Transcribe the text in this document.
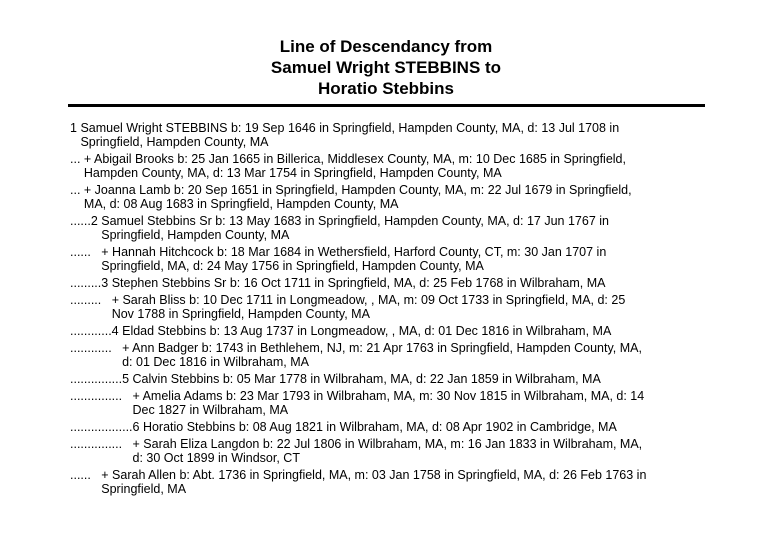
Line of Descendancy from
Samuel Wright STEBBINS to
Horatio Stebbins
1 Samuel Wright STEBBINS b: 19 Sep 1646 in Springfield, Hampden County, MA, d: 13 Jul 1708 in
Springfield, Hampden County, MA
... + Abigail Brooks b: 25 Jan 1665 in Billerica, Middlesex County, MA, m: 10 Dec 1685 in Springfield,
Hampden County, MA, d: 13 Mar 1754 in Springfield, Hampden County, MA
... + Joanna Lamb b: 20 Sep 1651 in Springfield, Hampden County, MA, m: 22 Jul 1679 in Springfield,
MA, d: 08 Aug 1683 in Springfield, Hampden County, MA
......2 Samuel Stebbins Sr b: 13 May 1683 in Springfield, Hampden County, MA, d: 17 Jun 1767 in
Springfield, Hampden County, MA
......   + Hannah Hitchcock b: 18 Mar 1684 in Wethersfield, Harford County, CT, m: 30 Jan 1707 in
Springfield, MA, d: 24 May 1756 in Springfield, Hampden County, MA
.........3 Stephen Stebbins Sr b: 16 Oct 1711 in Springfield, MA, d: 25 Feb 1768 in Wilbraham, MA
.........   + Sarah Bliss b: 10 Dec 1711 in Longmeadow, , MA, m: 09 Oct 1733 in Springfield, MA, d: 25
Nov 1788 in Springfield, Hampden County, MA
............4 Eldad Stebbins b: 13 Aug 1737 in Longmeadow, , MA, d: 01 Dec 1816 in Wilbraham, MA
............   + Ann Badger b: 1743 in Bethlehem, NJ, m: 21 Apr 1763 in Springfield, Hampden County, MA,
d: 01 Dec 1816 in Wilbraham, MA
...............5 Calvin Stebbins b: 05 Mar 1778 in Wilbraham, MA, d: 22 Jan 1859 in Wilbraham, MA
...............   + Amelia Adams b: 23 Mar 1793 in Wilbraham, MA, m: 30 Nov 1815 in Wilbraham, MA, d: 14
Dec 1827 in Wilbraham, MA
..................6 Horatio Stebbins b: 08 Aug 1821 in Wilbraham, MA, d: 08 Apr 1902 in Cambridge, MA
...............   + Sarah Eliza Langdon b: 22 Jul 1806 in Wilbraham, MA, m: 16 Jan 1833 in Wilbraham, MA,
d: 30 Oct 1899 in Windsor, CT
......   + Sarah Allen b: Abt. 1736 in Springfield, MA, m: 03 Jan 1758 in Springfield, MA, d: 26 Feb 1763 in
Springfield, MA
